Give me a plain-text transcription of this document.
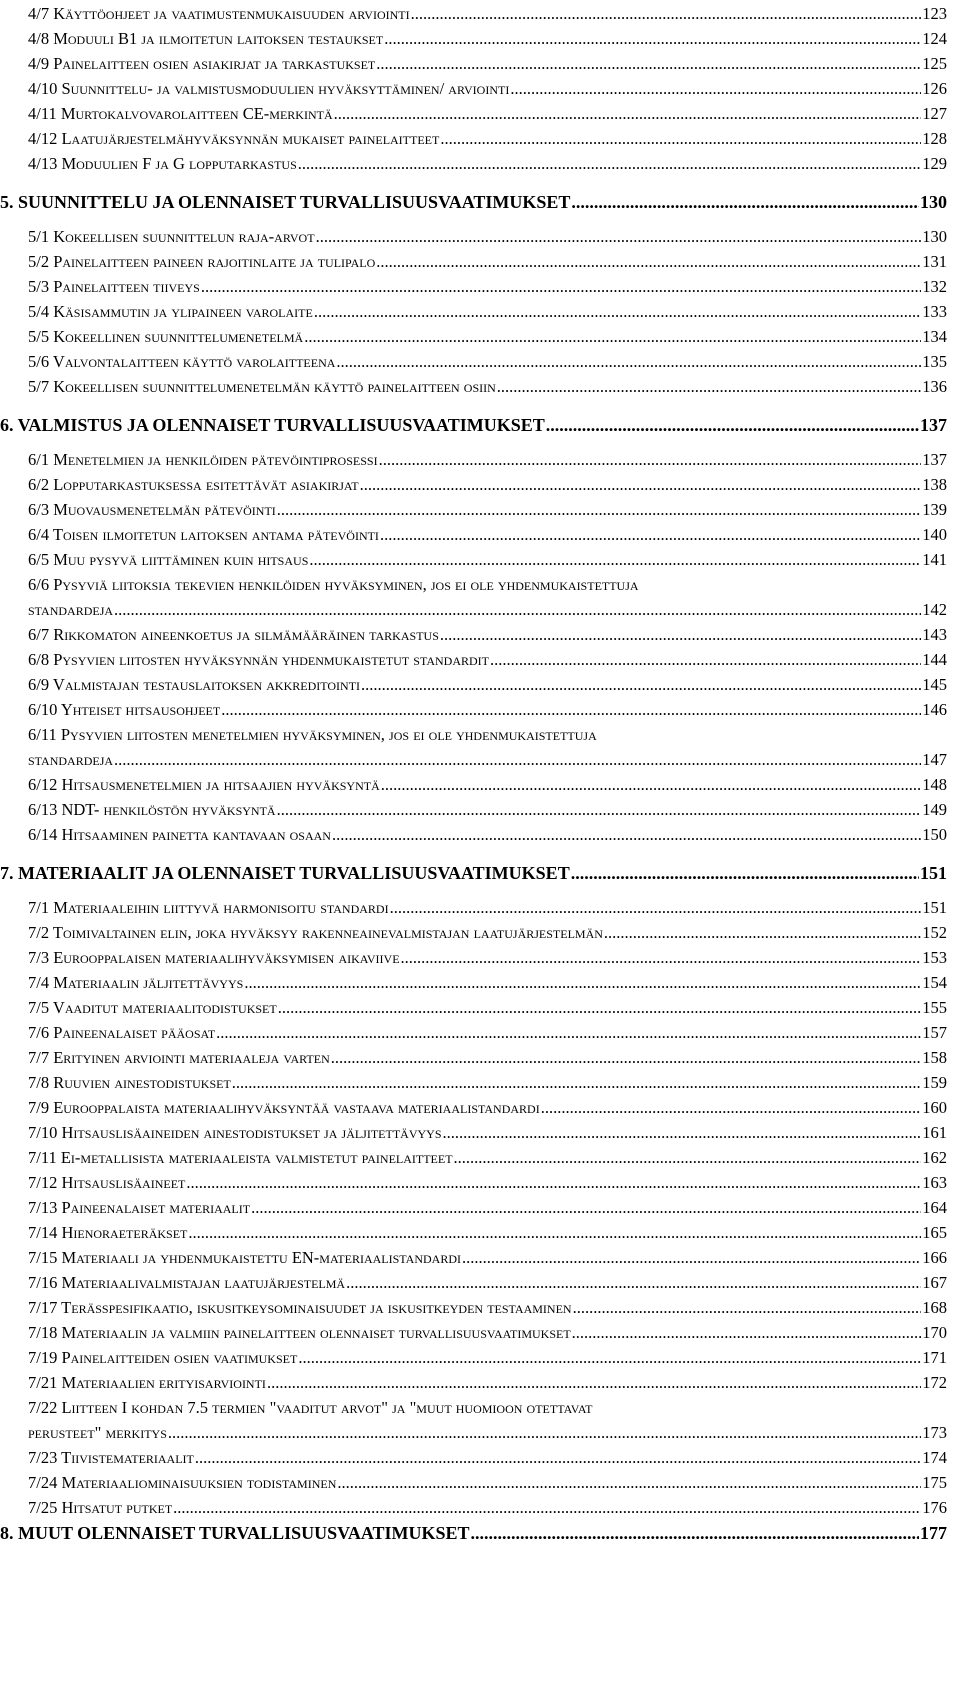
4/7 Käyttöohjeet ja vaatimustenmukaisuuden arviointi .....	123
4/8 Moduuli B1 ja ilmoitetun laitoksen testaukset .....	124
4/9 Painelaitteen osien asiakirjat ja tarkastukset .....	125
4/10 Suunnittelu- ja valmistusmoduulien hyväksyttäminen/ arviointi .....	126
4/11 Murtokalvovarolaitteen CE-merkintä .....	127
4/12 Laatujärjestelmähyväksynnän mukaiset painelaitteet .....	128
4/13 Moduulien F ja G lopputarkastus .....	129
5. SUUNNITTELU JA OLENNAISET TURVALLISUUSVAATIMUKSET .....	130
5/1 Kokeellisen suunnittelun raja-arvot .....	130
5/2 Painelaitteen paineen rajoitinlaite ja tulipalo .....	131
5/3 Painelaitteen tiiveys .....	132
5/4 Käsisammutin ja ylipaineen varolaite .....	133
5/5 Kokeellinen suunnittelumenetelmä .....	134
5/6 Valvontalaitteen käyttö varolaitteena .....	135
5/7 Kokeellisen suunnittelumenetelmän käyttö painelaitteen osiin .....	136
6. VALMISTUS JA OLENNAISET TURVALLISUUSVAATIMUKSET .....	137
6/1 Menetelmien ja henkilöiden pätevöintiprosessi .....	137
6/2 Lopputarkastuksessa esitettävät asiakirjat .....	138
6/3 Muovausmenetelmän pätevöinti .....	139
6/4 Toisen ilmoitetun laitoksen antama pätevöinti .....	140
6/5 Muu pysyvä liittäminen kuin hitsaus .....	141
6/6 Pysyviä liitoksia tekevien henkilöiden hyväksyminen, jos ei ole yhdenmukaistettuja
standardeja .....	142
6/7 Rikkomaton aineenkoetus ja silmämääräinen tarkastus .....	143
6/8 Pysyvien liitosten hyväksynnän yhdenmukaistetut standardit .....	144
6/9 Valmistajan testauslaitoksen akkreditointi .....	145
6/10 Yhteiset hitsausohjeet .....	146
6/11 Pysyvien liitosten menetelmien hyväksyminen, jos ei ole yhdenmukaistettuja
standardeja .....	147
6/12 Hitsausmenetelmien ja hitsaajien hyväksyntä .....	148
6/13 NDT- henkilöstön hyväksyntä .....	149
6/14 Hitsaaminen painetta kantavaan osaan .....	150
7. MATERIAALIT JA OLENNAISET TURVALLISUUSVAATIMUKSET .....	151
7/1 Materiaaleihin liittyvä harmonisoitu standardi .....	151
7/2 Toimivaltainen elin, joka hyväksyy rakenneainevalmistajan laatujärjestelmän .....	152
7/3 Eurooppalaisen materiaalihyväksymisen aikaviive .....	153
7/4 Materiaalin jäljitettävyys .....	154
7/5 Vaaditut materiaalitodistukset .....	155
7/6 Paineenalaiset pääosat .....	157
7/7 Erityinen arviointi materiaaleja varten .....	158
7/8 Ruuvien ainestodistukset .....	159
7/9 Eurooppalaista materiaalihyväksyntää vastaava materiaalistandardi .....	160
7/10 Hitsauslisäaineiden ainestodistukset ja jäljitettävyys .....	161
7/11 Ei-metallisista materiaaleista valmistetut painelaitteet .....	162
7/12 Hitsauslisäaineet .....	163
7/13 Paineenalaiset materiaalit .....	164
7/14 Hienoraeteräkset .....	165
7/15 Materiaali ja yhdenmukaistettu EN-materiaalistandardi .....	166
7/16 Materiaalivalmistajan laatujärjestelmä .....	167
7/17 Terässpesifikaatio, iskusitkeysominaisuudet ja iskusitkeyden testaaminen .....	168
7/18 Materiaalin ja valmiin painelaitteen olennaiset turvallisuusvaatimukset .....	170
7/19 Painelaitteiden osien vaatimukset .....	171
7/21 Materiaalien erityisarviointi .....	172
7/22 Liitteen I kohdan 7.5 termien "vaaditut arvot" ja "muut huomioon otettavat
perusteet" merkitys .....	173
7/23 Tiivistemateriaalit .....	174
7/24 Materiaaliominaisuuksien todistaminen .....	175
7/25 Hitsatut putket .....	176
8. MUUT OLENNAISET TURVALLISUUSVAATIMUKSET .....	177
